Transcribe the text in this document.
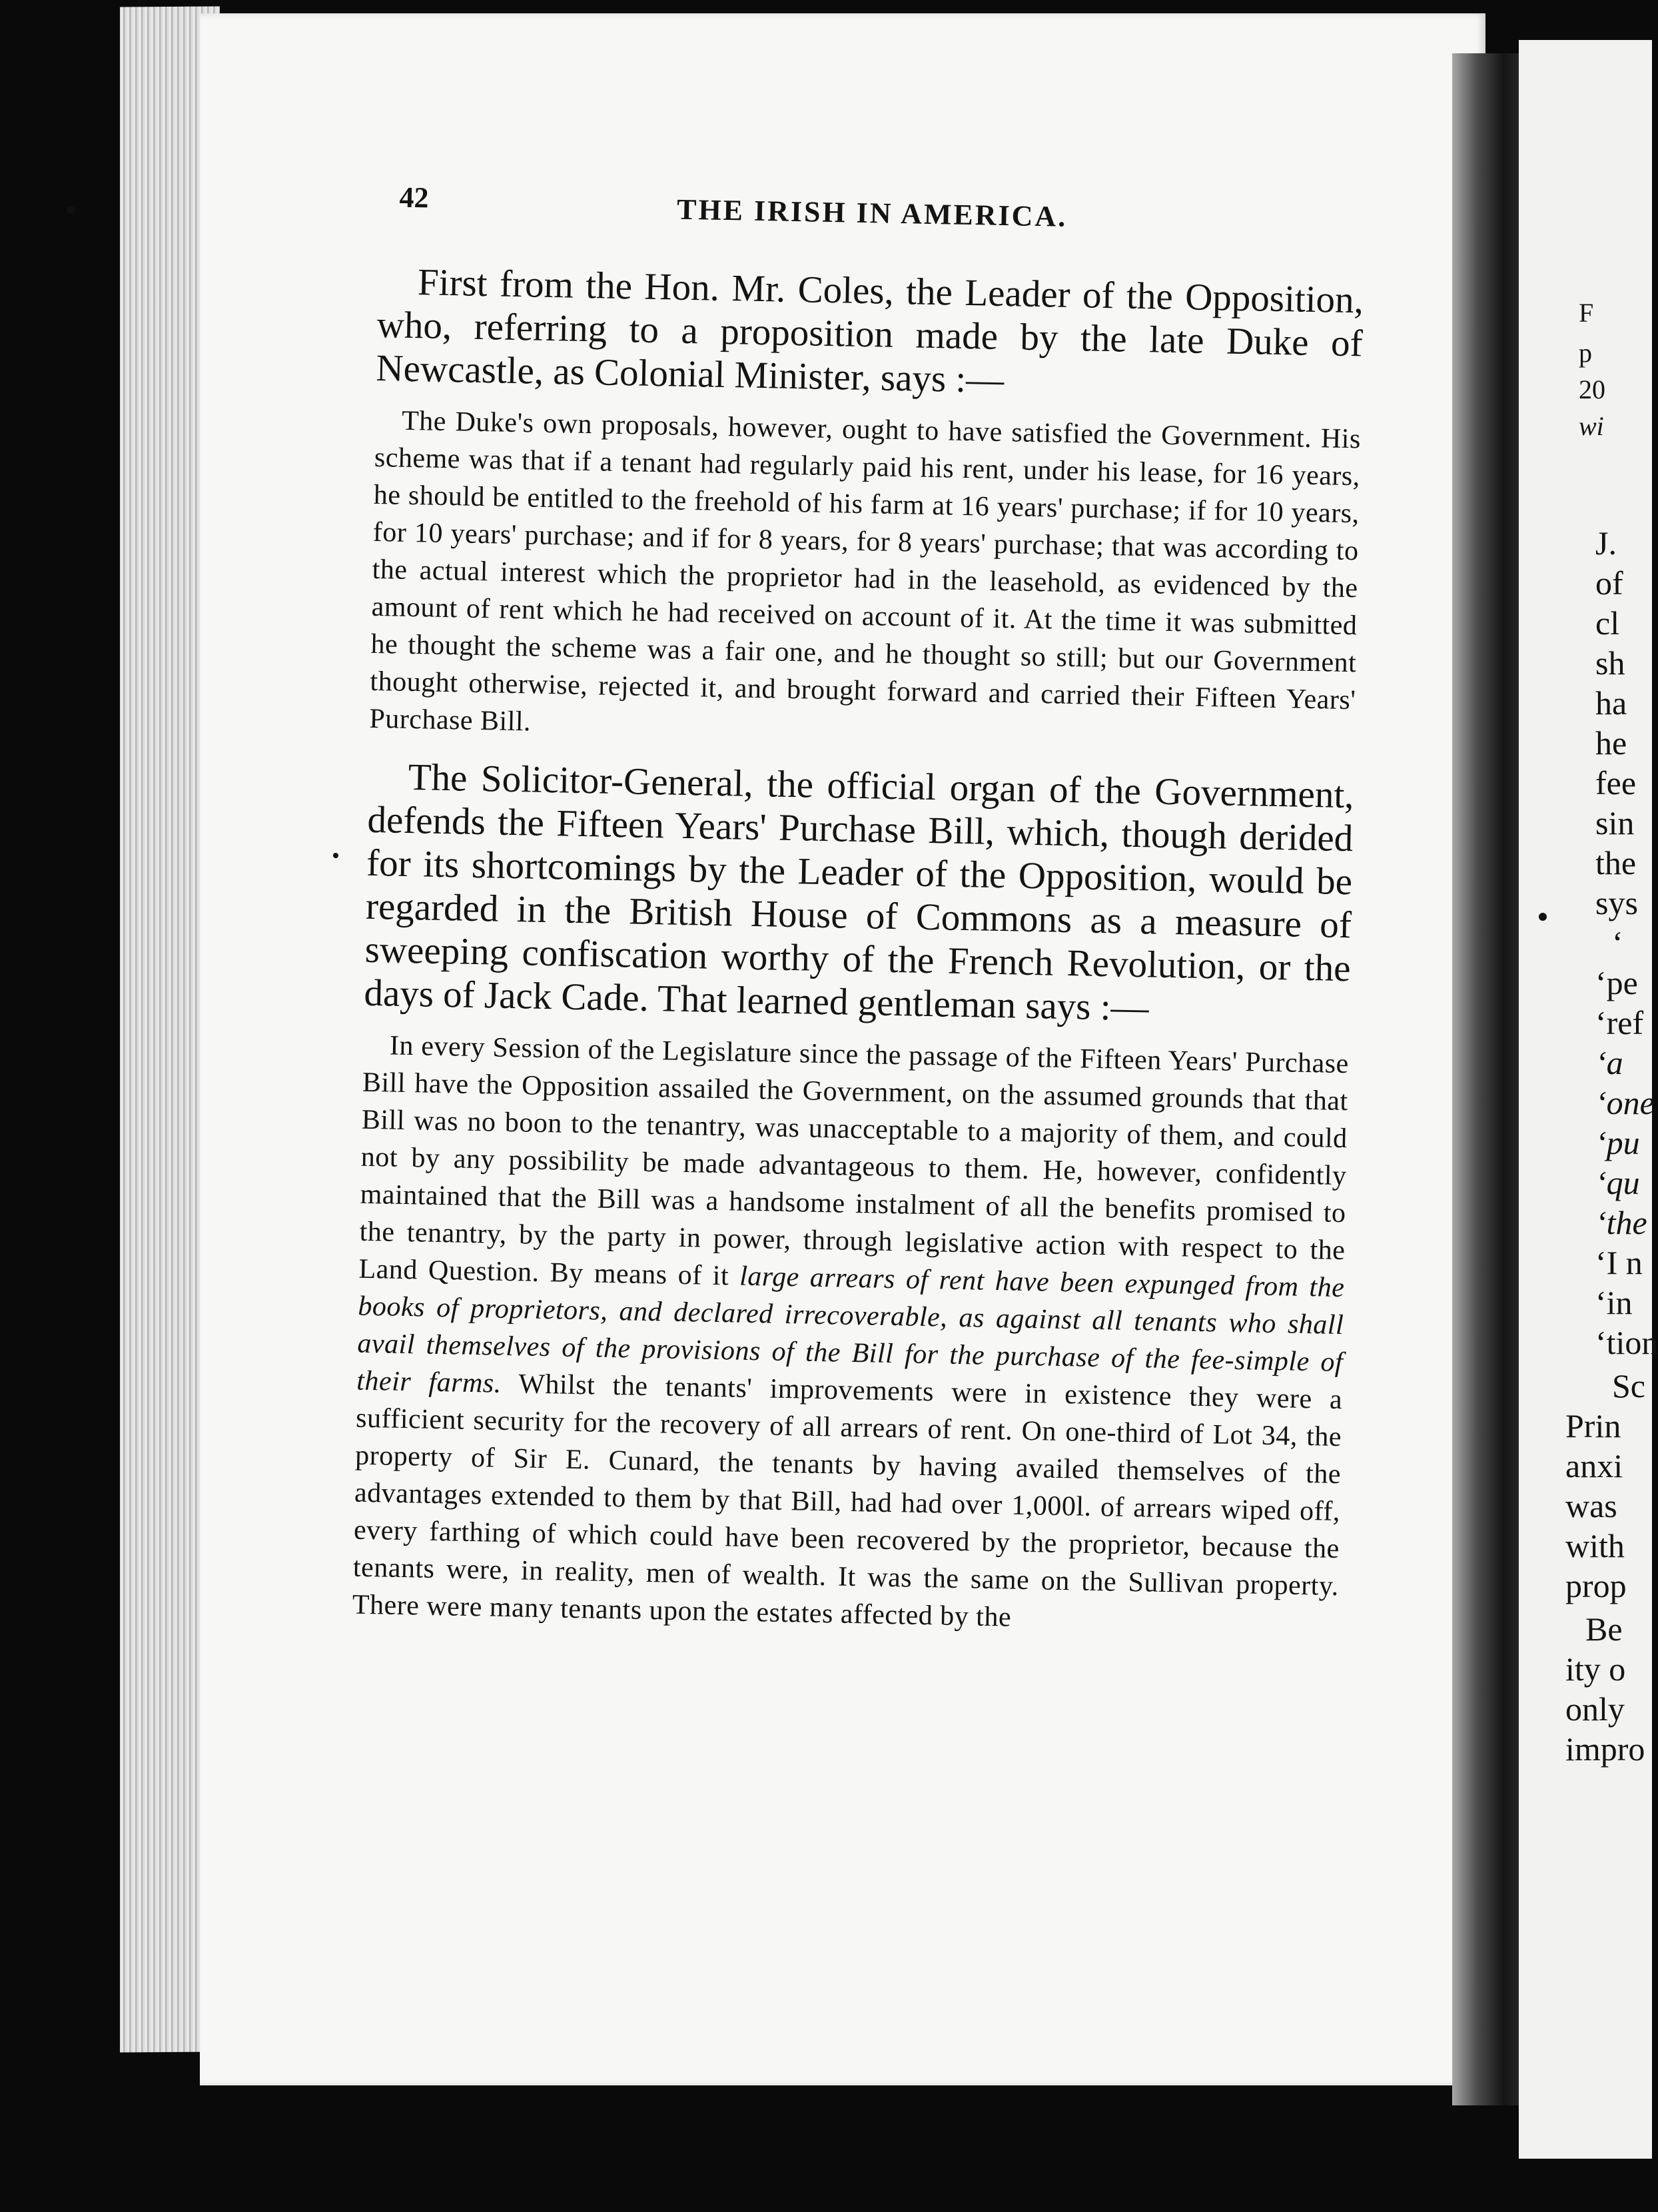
F
p
20
wi
J.
of
cl
sh
ha
he
fee
sin
the
sys
‘
‘pe
‘ref
‘a
‘one
‘pu
‘qu
‘the
‘I n
‘in
‘tion
Sc
Prin
anxi
was
with
prop
Be
ity o
only
impro
42	THE IRISH IN AMERICA.

First from the Hon. Mr. Coles, the Leader of the Opposition, who, referring to a proposition made by the late Duke of Newcastle, as Colonial Minister, says :—

The Duke's own proposals, however, ought to have satisfied the Government. His scheme was that if a tenant had regularly paid his rent, under his lease, for 16 years, he should be entitled to the freehold of his farm at 16 years' purchase; if for 10 years, for 10 years' purchase; and if for 8 years, for 8 years' purchase; that was according to the actual interest which the proprietor had in the leasehold, as evidenced by the amount of rent which he had received on account of it. At the time it was submitted he thought the scheme was a fair one, and he thought so still; but our Government thought otherwise, rejected it, and brought forward and carried their Fifteen Years' Purchase Bill.

The Solicitor-General, the official organ of the Government, defends the Fifteen Years' Purchase Bill, which, though derided for its shortcomings by the Leader of the Opposition, would be regarded in the British House of Commons as a measure of sweeping confiscation worthy of the French Revolution, or the days of Jack Cade. That learned gentleman says :—

In every Session of the Legislature since the passage of the Fifteen Years' Purchase Bill have the Opposition assailed the Government, on the assumed grounds that that Bill was no boon to the tenantry, was unacceptable to a majority of them, and could not by any possibility be made advantageous to them. He, however, confidently maintained that the Bill was a handsome instalment of all the benefits promised to the tenantry, by the party in power, through legislative action with respect to the Land Question. By means of it large arrears of rent have been expunged from the books of proprietors, and declared irrecoverable, as against all tenants who shall avail themselves of the provisions of the Bill for the purchase of the fee-simple of their farms. Whilst the tenants' improvements were in existence they were a sufficient security for the recovery of all arrears of rent. On one-third of Lot 34, the property of Sir E. Cunard, the tenants by having availed themselves of the advantages extended to them by that Bill, had had over 1,000l. of arrears wiped off, every farthing of which could have been recovered by the proprietor, because the tenants were, in reality, men of wealth. It was the same on the Sullivan property. There were many tenants upon the estates affected by the
